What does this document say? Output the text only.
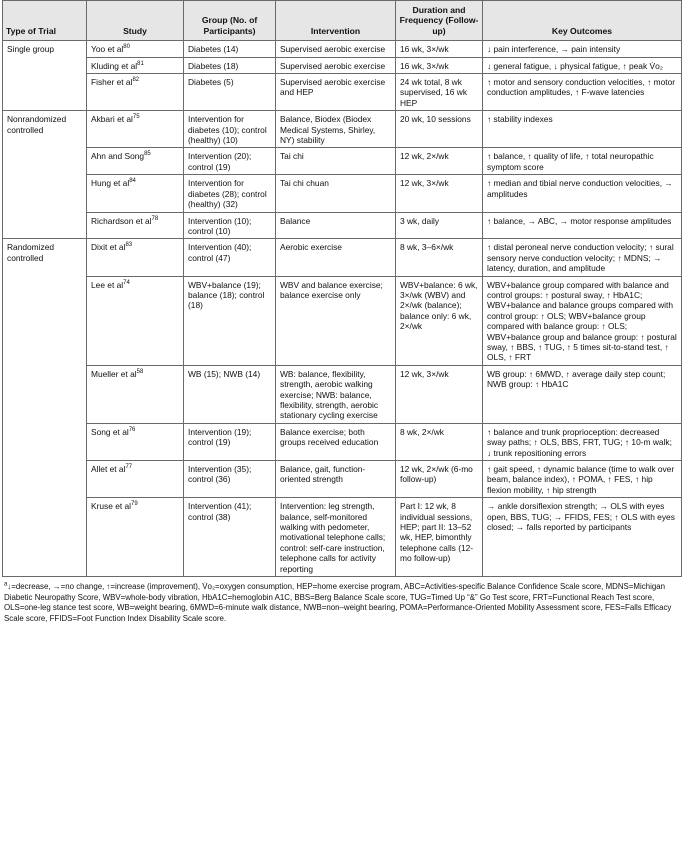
Type of Trial	Study	Group (No. of Participants)	Intervention	Duration and Frequency (Follow-up)	Key Outcomes
Single group	Yoo et $al^{80}$	Diabetes (14)	Supervised aerobic exercise	16 wk, 3×/wk	↓ pain interference, → pain intensity
	Kluding et $al^{81}$	Diabetes (18)	Supervised aerobic exercise	16 wk, 3×/wk	↓ general fatigue, ↓ physical fatigue, ↑ peak V̇o₂
	Fisher et $al^{82}$	Diabetes (5)	Supervised aerobic exercise and HEP	24 wk total, 8 wk supervised, 16 wk HEP	↑ motor and sensory conduction velocities, ↑ motor conduction amplitudes, ↑ F-wave latencies
Nonrandomized controlled	Akbari et $al^{75}$	Intervention for diabetes (10); control (healthy) (10)	Balance, Biodex (Biodex Medical Systems, Shirley, NY) stability	20 wk, 10 sessions	↑ stability indexes
	Ahn and Song$^{85}$	Intervention (20); control (19)	Tai chi	12 wk, 2×/wk	↑ balance, ↑ quality of life, ↑ total neuropathic symptom score
	Hung et $al^{84}$	Intervention for diabetes (28); control (healthy) (32)	Tai chi chuan	12 wk, 3×/wk	↑ median and tibial nerve conduction velocities, → amplitudes
	Richardson et $al^{78}$	Intervention (10); control (10)	Balance	3 wk, daily	↑ balance, → ABC, → motor response amplitudes
Randomized controlled	Dixit et $al^{83}$	Intervention (40); control (47)	Aerobic exercise	8 wk, 3–6×/wk	↑ distal peroneal nerve conduction velocity; ↑ sural sensory nerve conduction velocity; ↑ MDNS; → latency, duration, and amplitude
	Lee et $al^{74}$	WBV+balance (19); balance (18); control (18)	WBV and balance exercise; balance exercise only	WBV+balance: 6 wk, 3×/wk (WBV) and 2×/wk (balance); balance only: 6 wk, 2×/wk	WBV+balance group compared with balance and control groups: ↑ postural sway, ↑ HbA1C; WBV+balance and balance groups compared with control group: ↑ OLS; WBV+balance group compared with balance group: ↑ OLS; WBV+balance group and balance group: ↑ postural sway, ↑ BBS, ↑ TUG, ↑ 5 times sit-to-stand test, ↑ OLS, ↑ FRT
	Mueller et $al^{58}$	WB (15); NWB (14)	WB: balance, flexibility, strength, aerobic walking exercise; NWB: balance, flexibility, strength, aerobic stationary cycling exercise	12 wk, 3×/wk	WB group: ↑ 6MWD, ↑ average daily step count; NWB group: ↑ HbA1C
	Song et $al^{76}$	Intervention (19); control (19)	Balance exercise; both groups received education	8 wk, 2×/wk	↑ balance and trunk proprioception: decreased sway paths; ↑ OLS, BBS, FRT, TUG; ↑ 10-m walk; ↓ trunk repositioning errors
	Allet et $al^{77}$	Intervention (35); control (36)	Balance, gait, function-oriented strength	12 wk, 2×/wk (6-mo follow-up)	↑ gait speed, ↑ dynamic balance (time to walk over beam, balance index), ↑ POMA, ↑ FES, ↑ hip flexion mobility, ↑ hip strength
	Kruse et $al^{79}$	Intervention (41); control (38)	Intervention: leg strength, balance, self-monitored walking with pedometer, motivational telephone calls; control: self-care instruction, telephone calls for activity reporting	Part I: 12 wk, 8 individual sessions, HEP; part II: 13–52 wk, HEP, bimonthly telephone calls (12-mo follow-up)	→ ankle dorsiflexion strength; → OLS with eyes open, BBS, TUG; → FFIDS, FES; ↑ OLS with eyes closed; → falls reported by participants
$^a$↓=decrease, →=no change, ↑=increase (improvement), V̇o₂=oxygen consumption, HEP=home exercise program, ABC=Activities-specific Balance Confidence Scale score, MDNS=Michigan Diabetic Neuropathy Score, WBV=whole-body vibration, HbA1C=hemoglobin A1C, BBS=Berg Balance Scale score, TUG=Timed Up “&” Go Test score, FRT=Functional Reach Test score, OLS=one-leg stance test score, WB=weight bearing, 6MWD=6-minute walk distance, NWB=non–weight bearing, POMA=Performance-Oriented Mobility Assessment score, FES=Falls Efficacy Scale score, FFIDS=Foot Function Index Disability Scale score.
